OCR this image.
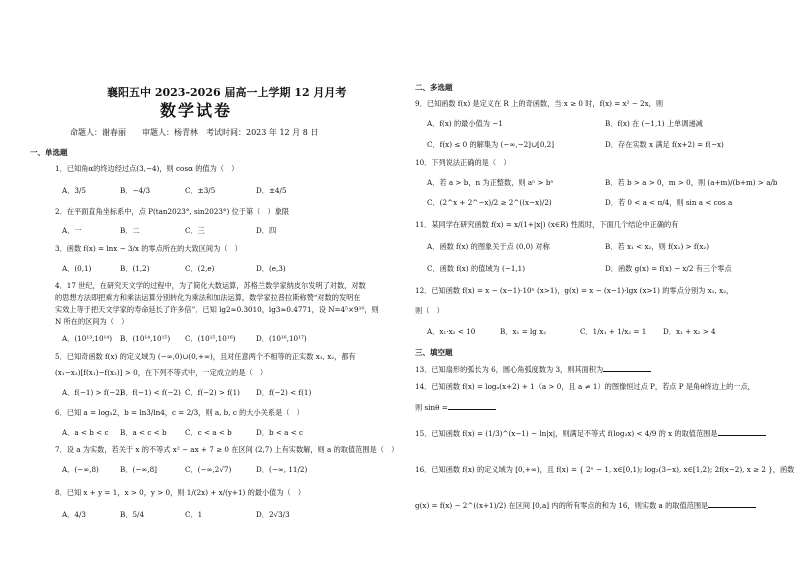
襄阳五中 2023-2026 届高一上学期 12 月月考
数学试卷
命题人：谢春丽　　审题人：杨青林　考试时间：2023 年 12 月 8 日
一、单选题
1．已知角α的终边经过点(3,−4)，则 cosα 的值为（　）
A．3/5	B．−4/3	C．±3/5	D．±4/5
2．在平面直角坐标系中，点 P(tan2023°, sin2023°) 位于第（　）象限
A．一	B．二	C．三	D．四
3．函数 f(x) = lnx − 3/x 的零点所在的大致区间为（　）
A．(0,1)	B．(1,2)	C．(2,e)	D．(e,3)
4．17 世纪，在研究天文学的过程中，为了简化大数运算，苏格兰数学家纳皮尔发明了对数，对数
的思想方法即把乘方和乘法运算分别转化为乘法和加法运算，数学家拉普拉斯称赞“对数的发明在
实效上等于把天文学家的寿命延长了许多倍”．已知 lg2≈0.3010，lg3≈0.4771，设 N=4⁵×9¹⁰，则
N 所在的区间为（　）
A．(10¹³,10¹⁴) B．(10¹⁴,10¹⁵) C．(10¹⁵,10¹⁶)	D．(10¹⁶,10¹⁷)
5．已知奇函数 f(x) 的定义域为 (−∞,0)∪(0,+∞)，且对任意两个不相等的正实数 x₁, x₂，都有
(x₁−x₂)[f(x₁)−f(x₂)] > 0，在下列不等式中，一定成立的是（　）
A．f(−1) > f(−2)
B．f(−1) < f(−2) C．f(−2) > f(1) D．f(−2) < f(1)
6．已知 a = log₃2，b = ln3/ln4，c = 2/3，则 a, b, c 的大小关系是（　）
A．a < b < c B．a < c < b	C．c < a < b	D．b < a < c
7．设 a 为实数，若关于 x 的不等式 x² − ax + 7 ≥ 0 在区间 (2,7) 上有实数解，则 a 的取值范围是（　）
A．(−∞,8)	B．(−∞,8]	C．(−∞,2√7)	D．(−∞, 11/2)
8．已知 x + y = 1，x > 0，y > 0，则 1/(2x) + x/(y+1) 的最小值为（　）
A．4/3	B．5/4	C．1	D．2√3/3
二、多选题
9．已知函数 f(x) 是定义在 R 上的奇函数，当 x ≥ 0 时，f(x) = x² − 2x，则
A．f(x) 的最小值为 −1	B．f(x) 在 (−1,1) 上单调递减
C．f(x) ≤ 0 的解集为 (−∞,−2]∪[0,2]	D．存在实数 x 满足 f(x+2) = f(−x)
10．下列说法正确的是（　）
A．若 a > b，n 为正整数，则 aⁿ > bⁿ	B．若 b > a > 0，m > 0，则 (a+m)/(b+m) > a/b
C．(2^x + 2^−x)/2 ≥ 2^((x−x)/2)	D．若 0 < a < π/4，则 sin a < cos a
11．某同学在研究函数 f(x) = x/(1+|x|) (x∈R) 性质时，下面几个结论中正确的有
A．函数 f(x) 的图象关于点 (0,0) 对称	B．若 x₁ < x₂，则 f(x₁) > f(x₂)
C．函数 f(x) 的值域为 (−1,1)	D．函数 g(x) = f(x) − x/2 有三个零点
12．已知函数 f(x) = x − (x−1)·10ˣ (x>1)，g(x) = x − (x−1)·lgx (x>1) 的零点分别为 x₁, x₂，
则（　）
A．x₁·x₂ < 10	B．x₁ = lg x₂	C．1/x₁ + 1/x₂ = 1 D．x₁ + x₂ > 4
三、填空题
13．已知扇形的弧长为 6，圆心角弧度数为 3，则其面积为
14．已知函数 f(x) = logₐ(x+2) + 1（a > 0，且 a ≠ 1）的图像恒过点 P，若点 P 是角θ终边上的一点，
则 sinθ =
15．已知函数 f(x) = (1/3)^(x−1) − ln|x|，则满足不等式 f(log₃x) < 4/9 的 x 的取值范围是
16．已知函数 f(x) 的定义域为 [0,+∞)，且 f(x) = { 2ˣ − 1, x∈[0,1); log₂(3−x), x∈[1,2); 2f(x−2), x ≥ 2 }，函数
g(x) = f(x) − 2^((x+1)/2) 在区间 [0,a] 内的所有零点的和为 16，则实数 a 的取值范围是
